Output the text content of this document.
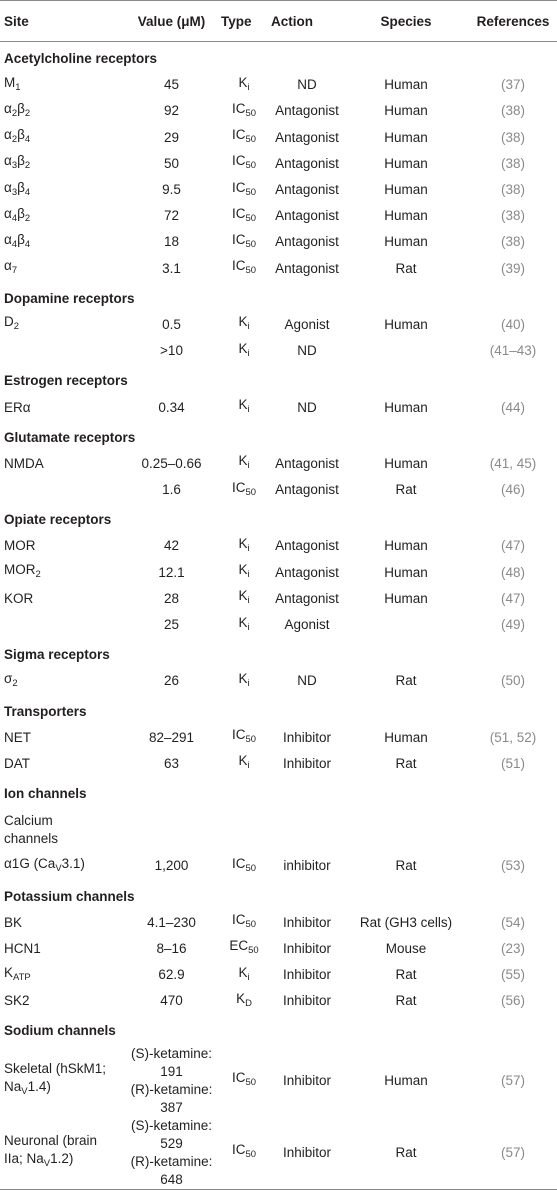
Site	Value (μM)	Type	Action	Species	References
Acetylcholine receptors					
$M_1$	45	$K_i$	ND	Human	(37)
$\alpha_2\beta_2$	92	$IC_{50}$	Antagonist	Human	(38)
$\alpha_2\beta_4$	29	$IC_{50}$	Antagonist	Human	(38)
$\alpha_3\beta_2$	50	$IC_{50}$	Antagonist	Human	(38)
$\alpha_3\beta_4$	9.5	$IC_{50}$	Antagonist	Human	(38)
$\alpha_4\beta_2$	72	$IC_{50}$	Antagonist	Human	(38)
$\alpha_4\beta_4$	18	$IC_{50}$	Antagonist	Human	(38)
$\alpha_7$	3.1	$IC_{50}$	Antagonist	Rat	(39)
Dopamine receptors					
$D_2$	0.5	$K_i$	Agonist	Human	(40)
	>10	$K_i$	ND		(41–43)
Estrogen receptors					
ERα	0.34	$K_i$	ND	Human	(44)
Glutamate receptors					
NMDA	0.25–0.66	$K_i$	Antagonist	Human	(41, 45)
	1.6	$IC_{50}$	Antagonist	Rat	(46)
Opiate receptors					
MOR	42	$K_i$	Antagonist	Human	(47)
$MOR_2$	12.1	$K_i$	Antagonist	Human	(48)
KOR	28	$K_i$	Antagonist	Human	(47)
	25	$K_i$	Agonist		(49)
Sigma receptors					
$\sigma_2$	26	$K_i$	ND	Rat	(50)
Transporters					
NET	82–291	$IC_{50}$	Inhibitor	Human	(51, 52)
DAT	63	$K_i$	Inhibitor	Rat	(51)
Ion channels					
Calcium
channels					
α1G $(Ca_V3.1)$	1,200	$IC_{50}$	inhibitor	Rat	(53)
Potassium channels					
BK	4.1–230	$IC_{50}$	Inhibitor	Rat (GH3 cells)	(54)
HCN1	8–16	$EC_{50}$	Inhibitor	Mouse	(23)
$K_{ATP}$	62.9	$K_i$	Inhibitor	Rat	(55)
SK2	470	$K_D$	Inhibitor	Rat	(56)
Sodium channels					
Skeletal (hSkM1;
$Na_V1.4$)	(S)-ketamine: 191
(R)-ketamine: 387	$IC_{50}$	Inhibitor	Human	(57)
Neuronal (brain
IIa; $Na_V1.2$)	(S)-ketamine: 529
(R)-ketamine: 648	$IC_{50}$	Inhibitor	Rat	(57)
